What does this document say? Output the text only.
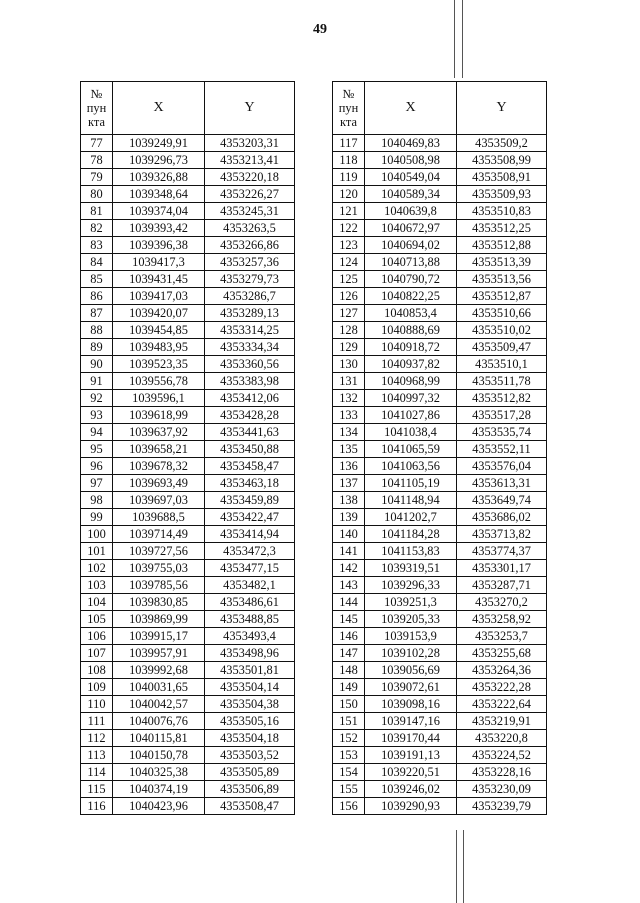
49
№
пун
кта	X	Y
77	1039249,91	4353203,31
78	1039296,73	4353213,41
79	1039326,88	4353220,18
80	1039348,64	4353226,27
81	1039374,04	4353245,31
82	1039393,42	4353263,5
83	1039396,38	4353266,86
84	1039417,3	4353257,36
85	1039431,45	4353279,73
86	1039417,03	4353286,7
87	1039420,07	4353289,13
88	1039454,85	4353314,25
89	1039483,95	4353334,34
90	1039523,35	4353360,56
91	1039556,78	4353383,98
92	1039596,1	4353412,06
93	1039618,99	4353428,28
94	1039637,92	4353441,63
95	1039658,21	4353450,88
96	1039678,32	4353458,47
97	1039693,49	4353463,18
98	1039697,03	4353459,89
99	1039688,5	4353422,47
100	1039714,49	4353414,94
101	1039727,56	4353472,3
102	1039755,03	4353477,15
103	1039785,56	4353482,1
104	1039830,85	4353486,61
105	1039869,99	4353488,85
106	1039915,17	4353493,4
107	1039957,91	4353498,96
108	1039992,68	4353501,81
109	1040031,65	4353504,14
110	1040042,57	4353504,38
111	1040076,76	4353505,16
112	1040115,81	4353504,18
113	1040150,78	4353503,52
114	1040325,38	4353505,89
115	1040374,19	4353506,89
116	1040423,96	4353508,47
№
пун
кта	X	Y
117	1040469,83	4353509,2
118	1040508,98	4353508,99
119	1040549,04	4353508,91
120	1040589,34	4353509,93
121	1040639,8	4353510,83
122	1040672,97	4353512,25
123	1040694,02	4353512,88
124	1040713,88	4353513,39
125	1040790,72	4353513,56
126	1040822,25	4353512,87
127	1040853,4	4353510,66
128	1040888,69	4353510,02
129	1040918,72	4353509,47
130	1040937,82	4353510,1
131	1040968,99	4353511,78
132	1040997,32	4353512,82
133	1041027,86	4353517,28
134	1041038,4	4353535,74
135	1041065,59	4353552,11
136	1041063,56	4353576,04
137	1041105,19	4353613,31
138	1041148,94	4353649,74
139	1041202,7	4353686,02
140	1041184,28	4353713,82
141	1041153,83	4353774,37
142	1039319,51	4353301,17
143	1039296,33	4353287,71
144	1039251,3	4353270,2
145	1039205,33	4353258,92
146	1039153,9	4353253,7
147	1039102,28	4353255,68
148	1039056,69	4353264,36
149	1039072,61	4353222,28
150	1039098,16	4353222,64
151	1039147,16	4353219,91
152	1039170,44	4353220,8
153	1039191,13	4353224,52
154	1039220,51	4353228,16
155	1039246,02	4353230,09
156	1039290,93	4353239,79
